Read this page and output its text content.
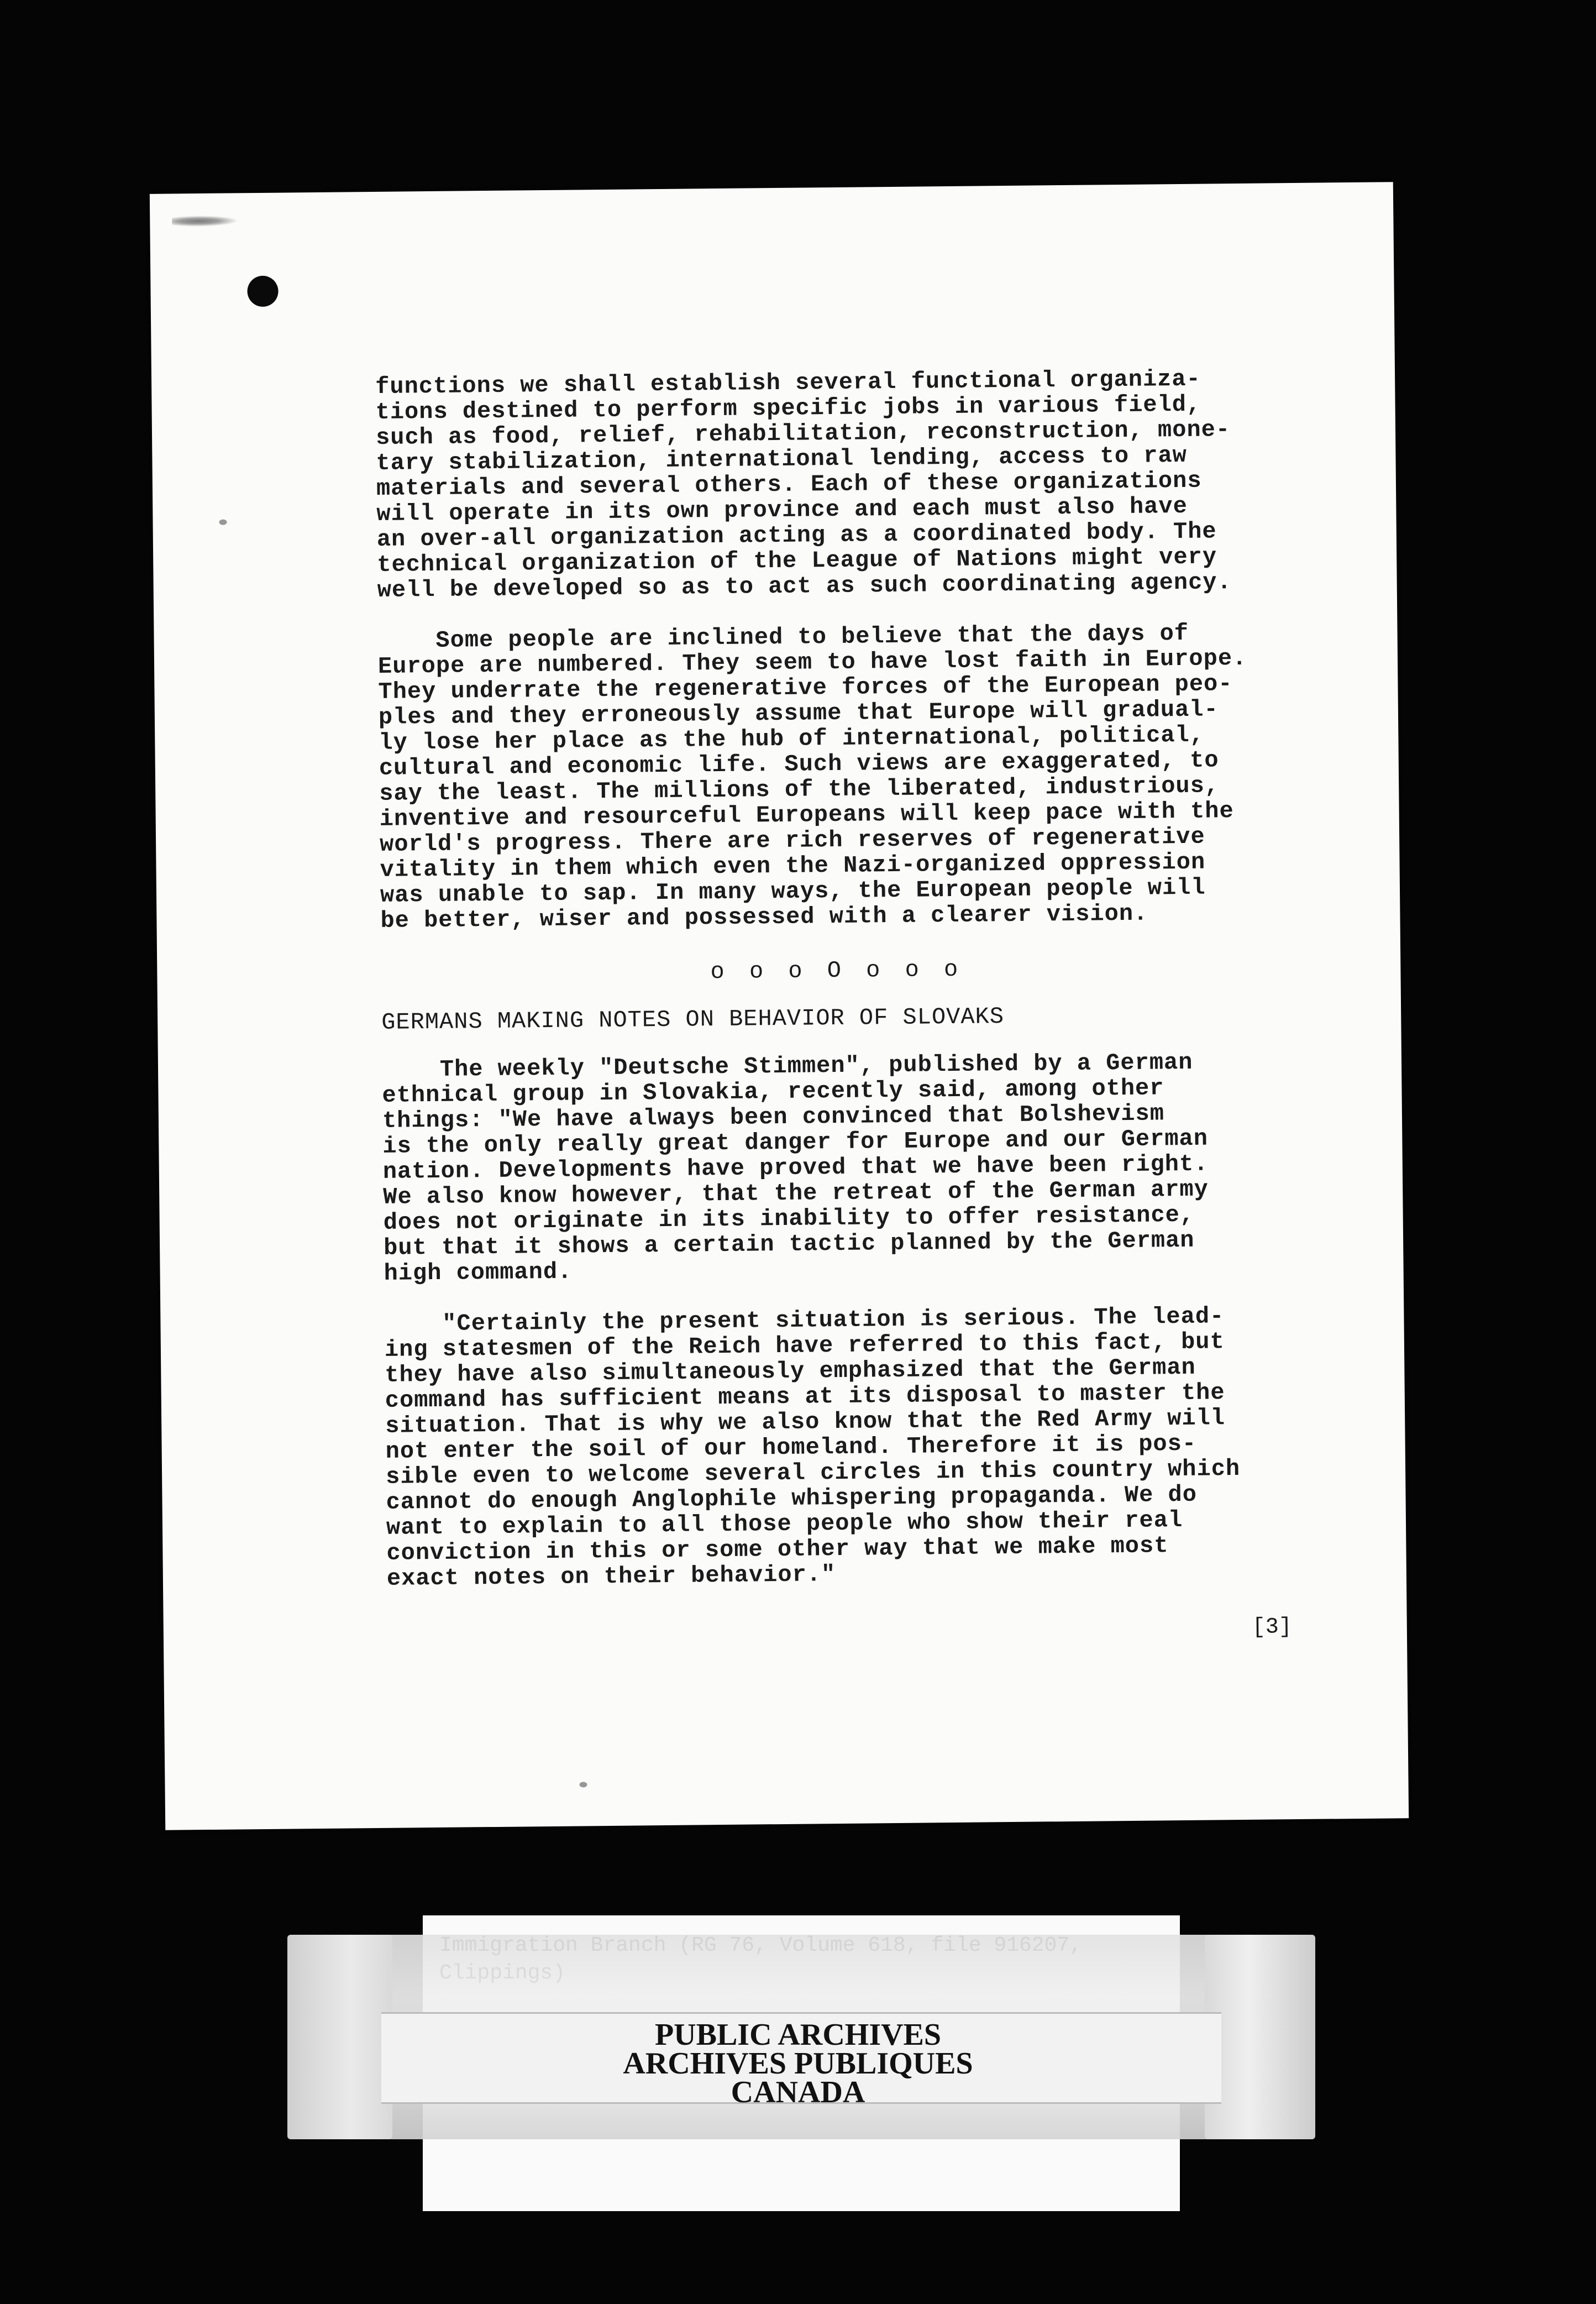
functions we shall establish several functional organiza-
tions destined to perform specific jobs in various field,
such as food, relief, rehabilitation, reconstruction, mone-
tary stabilization, international lending, access to raw
materials and several others. Each of these organizations
will operate in its own province and each must also have
an over-all organization acting as a coordinated body. The
technical organization of the League of Nations might very
well be developed so as to act as such coordinating agency.

Some people are inclined to believe that the days of
Europe are numbered. They seem to have lost faith in Europe.
They underrate the regenerative forces of the European peo-
ples and they erroneously assume that Europe will gradual-
ly lose her place as the hub of international, political,
cultural and economic life. Such views are exaggerated, to
say the least. The millions of the liberated, industrious,
inventive and resourceful Europeans will keep pace with the
world's progress. There are rich reserves of regenerative
vitality in them which even the Nazi-organized oppression
was unable to sap. In many ways, the European people will
be better, wiser and possessed with a clearer vision.

o o o O o o o
GERMANS MAKING NOTES ON BEHAVIOR OF SLOVAKS

The weekly "Deutsche Stimmen", published by a German
ethnical group in Slovakia, recently said, among other
things: "We have always been convinced that Bolshevism
is the only really great danger for Europe and our German
nation. Developments have proved that we have been right.
We also know however, that the retreat of the German army
does not originate in its inability to offer resistance,
but that it shows a certain tactic planned by the German
high command.

"Certainly the present situation is serious. The lead-
ing statesmen of the Reich have referred to this fact, but
they have also simultaneously emphasized that the German
command has sufficient means at its disposal to master the
situation. That is why we also know that the Red Army will
not enter the soil of our homeland. Therefore it is pos-
sible even to welcome several circles in this country which
cannot do enough Anglophile whispering propaganda. We do
want to explain to all those people who show their real
conviction in this or some other way that we make most
exact notes on their behavior."

[3]
PUBLIC ARCHIVES
ARCHIVES PUBLIQUES
CANADA
